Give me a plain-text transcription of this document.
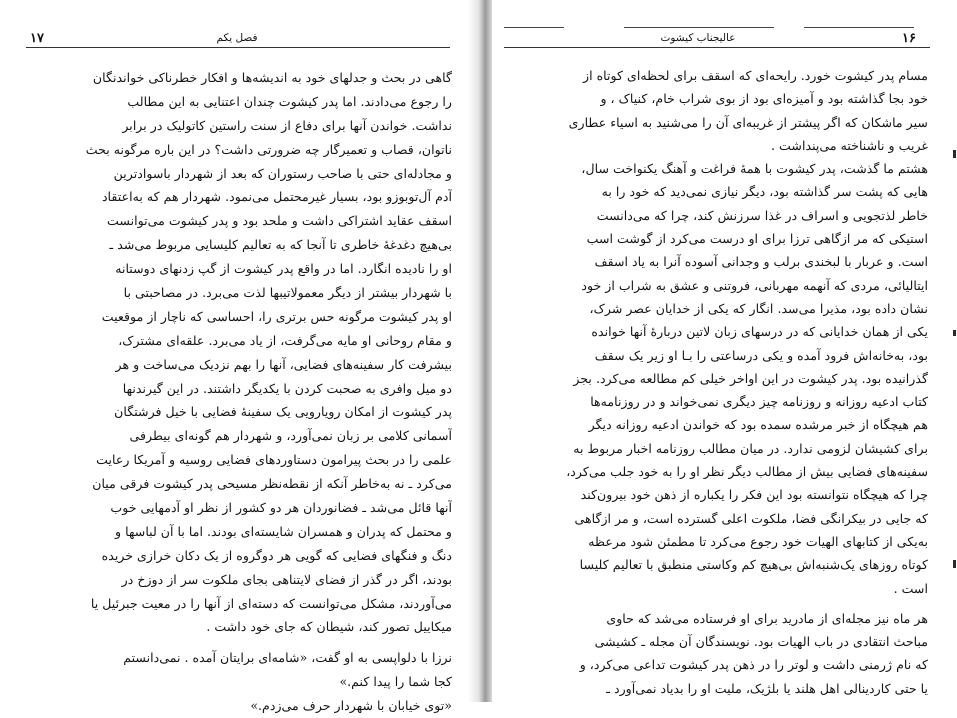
۱۷	فصل یکم
گاهی در بحث و جدلهای خود به اندیشه‌ها و افکار خطرناکی خواندنگان
را رجوع می‌دادند. اما پدر کیشوت چندان اعتنایی به این مطالب
نداشت. خواندن آنها برای دفاع از سنت راستین کاتولیک در برابر
ناتوان، قصاب و تعمیرگار چه ضرورتی داشت؟ در این باره مرگونه بحث
و مجادله‌ای حتی با صاحب رستوران که بعد از شهردار باسوادترین
آدم آل‌توبوزو بود، بسیار غیرمحتمل می‌نمود. شهردار هم که به‌اعتقاد
اسقف عقاید اشتراکی داشت و ملحد بود و پدر کیشوت می‌توانست
بی‌هیچ دغدغهٔ خاطری تا آنجا که به تعالیم کلیسایی مربوط می‌شد ـ
او را نادیده انگارد. اما در واقع پدر کیشوت از گپ زدنهای دوستانه
با شهردار بیشتر از دیگر معمولاتیبها لذت می‌برد. در مصاحبتی با
او پدر کیشوت مرگونه حس برتری را، احساسی که ناچار از موقعیت
و مقام روحانی او مایه می‌گرفت، از یاد می‌برد. علقه‌ای مشترک،
بیشرفت کار سفینه‌های فضایی، آنها را بهم نزدیک می‌ساخت و هر
دو میل وافری به صحبت کردن با یکدیگر داشتند. در این گیرندنها
پدر کیشوت از امکان رویارویی یک سفینهٔ فضایی با خیل فرشتگان
آسمانی کلامی بر زبان نمی‌آورد، و شهردار هم گونه‌ای بیطرفی
علمی را در بحث پیرامون دستاوردهای فضایی روسیه و آمریکا رعایت
می‌کرد ـ نه به‌خاطر آنکه از نقطه‌نظر مسیحی پدر کیشوت فرقی میان
آنها قائل می‌شد ـ فضانوردان هر دو کشور از نظر او آدمهایی خوب
و محتمل که پدران و همسران شایسته‌ای بودند. اما با آن لباسها و
دنگ و فنگهای فضایی که گویی هر دوگروه از یک دکان خرازی خریده
بودند، اگر در گذر از فضای لایتناهی بجای ملکوت سر از دوزخ در
می‌آوردند، مشکل می‌توانست که دسته‌ای از آنها را در معیت جبرئیل یا
میکاییل تصور کند، شیطان که جای خود داشت .
نرزا با دلواپسی به او گفت، «شامه‌ای برایتان آمده . نمی‌دانستم
کجا شما را پیدا کنم.»
«توی خیابان با شهردار حرف می‌زدم.»
۱۶
عالیجناب کیشوت
مسام پدر کیشوت خورد. رایحه‌ای که اسقف برای لحظه‌ای کوتاه از
خود بجا گذاشته بود و آمیزه‌ای بود از بوی شراب خام، کنیاک ، و
سیر ماشکان که اگر پیشتر از غریبه‌ای آن را می‌شنید به اسیاء عطاری
غریب و ناشناخته می‌پنداشت .
هشتم ما گذشت، پدر کیشوت با همهٔ فراغت و آهنگ یکنواخت سال،
هایی که پشت سر گذاشته بود، دیگر نیازی نمی‌دید که خود را به
خاطر لذتجویی و اسراف در غذا سرزنش کند، چرا که می‌دانست
استیکی که مر ازگاهی ترزا برای او درست می‌کرد از گوشت اسب
است. و عربار با لبخندی برلب و وجدانی آسوده آنرا به یاد اسقف
ایتالیائی، مردی که آنهمه مهربانی، فروتنی و عشق به شراب از خود
نشان داده بود، مذیرا می‌سد. انگار که یکی از خدایان عصر شرک،
یکی از همان خدایانی که در درسهای زبان لاتین دربارهٔ آنها خوانده
بود، به‌خانه‌اش فرود آمده و یکی درساعتی را بـا او زیر یک سقف
گذرانیده بود. پدر کیشوت در این اواخر خیلی کم مطالعه می‌کرد. بجز
کتاب ادعیه روزانه و روزنامه چیز دیگری نمی‌خواند و در روزنامه‌ها
هم هیچگاه از خبر مرشده سمده بود که خواندن ادعیه روزانه دیگر
برای کشیشان لزومی ندارد. در میان مطالب روزنامه اخبار مربوط به
سفینه‌های فضایی بیش از مطالب دیگر نظر او را به خود جلب می‌کرد،
چرا که هیچگاه نتوانسته بود این فکر را یکباره از ذهن خود بیرون‌کند
که جایی در بیکرانگی فضا، ملکوت اعلی گسترده است، و مر ازگاهی
به‌یکی از کتابهای الهیات خود رجوع می‌کرد تا مطمئن شود مرعظه
کوتاه روزهای یک‌شنبه‌اش بی‌هیچ کم وکاستی منطبق با تعالیم کلیسا
است .
هر ماه نیز مجله‌ای از مادرید برای او فرستاده می‌شد که حاوی
مباحث انتقادی در باب الهیات بود. نویسندگان آن مجله ـ کشیشی
که نام ژرمنی داشت و لوتر را در ذهن پدر کیشوت تداعی می‌کرد، و
یا حتی کاردینالی اهل هلند یا بلژیک، ملیت او را بدیاد نمی‌آورد ـ
